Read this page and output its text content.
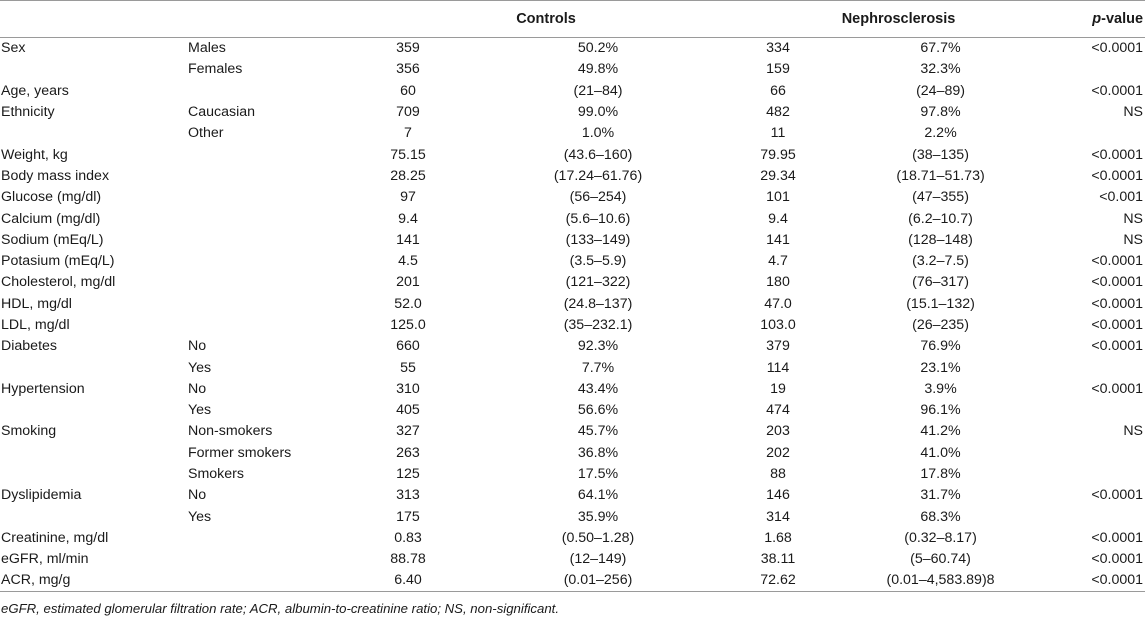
		Controls		Nephrosclerosis		p-value
Sex	Males	359	50.2%	334	67.7%	<0.0001
	Females	356	49.8%	159	32.3%	
Age, years		60	(21–84)	66	(24–89)	<0.0001
Ethnicity	Caucasian	709	99.0%	482	97.8%	NS
	Other	7	1.0%	11	2.2%	
Weight, kg		75.15	(43.6–160)	79.95	(38–135)	<0.0001
Body mass index		28.25	(17.24–61.76)	29.34	(18.71–51.73)	<0.0001
Glucose (mg/dl)		97	(56–254)	101	(47–355)	<0.001
Calcium (mg/dl)		9.4	(5.6–10.6)	9.4	(6.2–10.7)	NS
Sodium (mEq/L)		141	(133–149)	141	(128–148)	NS
Potasium (mEq/L)		4.5	(3.5–5.9)	4.7	(3.2–7.5)	<0.0001
Cholesterol, mg/dl		201	(121–322)	180	(76–317)	<0.0001
HDL, mg/dl		52.0	(24.8–137)	47.0	(15.1–132)	<0.0001
LDL, mg/dl		125.0	(35–232.1)	103.0	(26–235)	<0.0001
Diabetes	No	660	92.3%	379	76.9%	<0.0001
	Yes	55	7.7%	114	23.1%	
Hypertension	No	310	43.4%	19	3.9%	<0.0001
	Yes	405	56.6%	474	96.1%	
Smoking	Non-smokers	327	45.7%	203	41.2%	NS
	Former smokers	263	36.8%	202	41.0%	
	Smokers	125	17.5%	88	17.8%	
Dyslipidemia	No	313	64.1%	146	31.7%	<0.0001
	Yes	175	35.9%	314	68.3%	
Creatinine, mg/dl		0.83	(0.50–1.28)	1.68	(0.32–8.17)	<0.0001
eGFR, ml/min		88.78	(12–149)	38.11	(5–60.74)	<0.0001
ACR, mg/g		6.40	(0.01–256)	72.62	(0.01–4,583.89)8	<0.0001
eGFR, estimated glomerular filtration rate; ACR, albumin-to-creatinine ratio; NS, non-significant.
